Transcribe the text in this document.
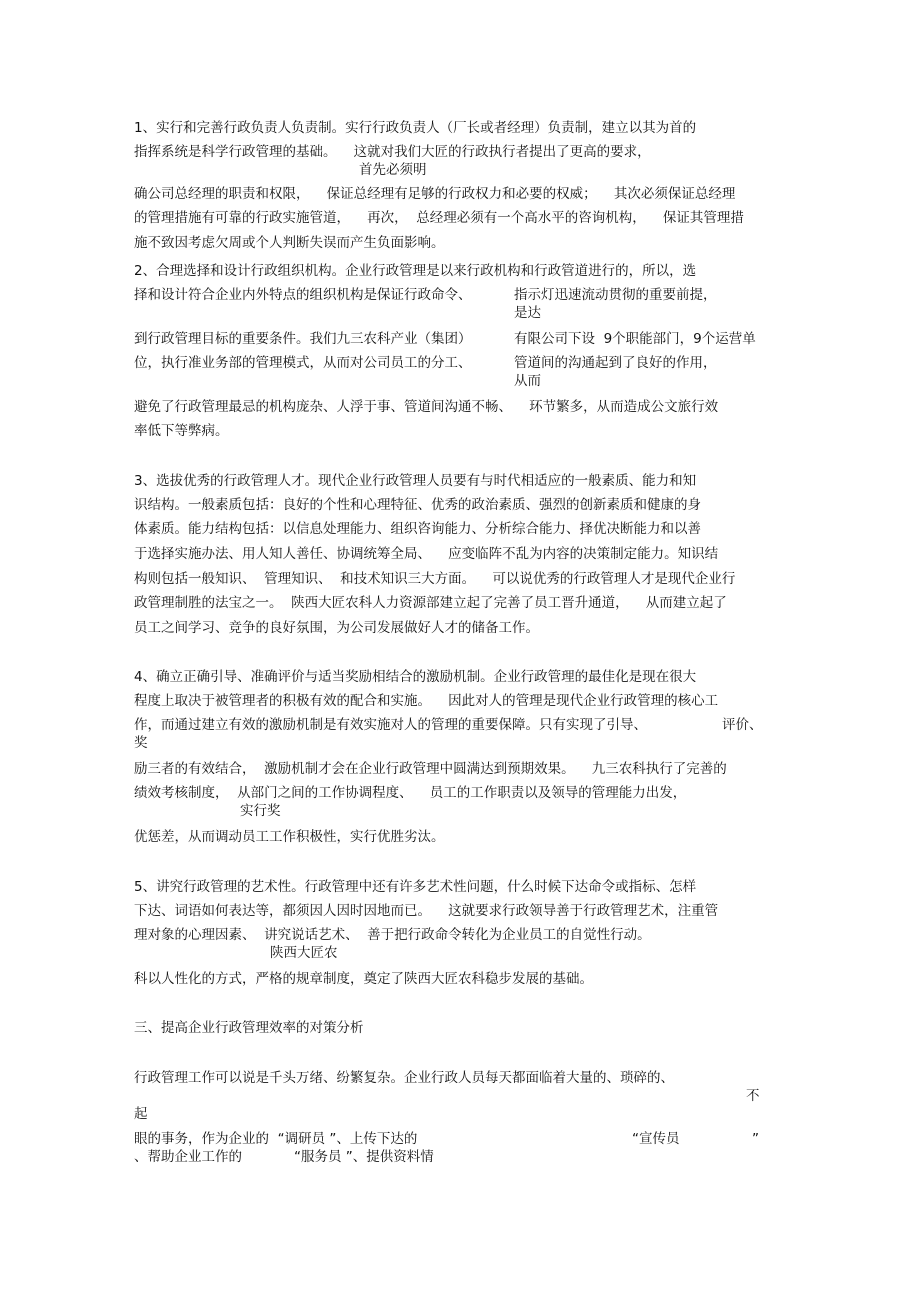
1、实行和完善行政负责人负责制。实行行政负责人（厂长或者经理）负责制，建立以其为首的
指挥系统是科学行政管理的基础。    这就对我们大匠的行政执行者提出了更高的要求，
首先必须明
确公司总经理的职责和权限，    保证总经理有足够的行政权力和必要的权威；    其次必须保证总经理
的管理措施有可靠的行政实施管道，    再次，  总经理必须有一个高水平的咨询机构，    保证其管理措
施不致因考虑欠周或个人判断失误而产生负面影响。
2、合理选择和设计行政组织机构。企业行政管理是以来行政机构和行政管道进行的，所以，选
择和设计符合企业内外特点的组织机构是保证行政命令、	指示灯迅速流动贯彻的重要前提，
是达
到行政管理目标的重要条件。我们九三农科产业（集团）	有限公司下设  9个职能部门，9个运营单
位，执行准业务部的管理模式，从而对公司员工的分工、	管道间的沟通起到了良好的作用，
从而
避免了行政管理最忌的机构庞杂、人浮于事、管道间沟通不畅、    环节繁多，从而造成公文旅行效
率低下等弊病。
3、选拔优秀的行政管理人才。现代企业行政管理人员要有与时代相适应的一般素质、能力和知
识结构。一般素质包括：良好的个性和心理特征、优秀的政治素质、强烈的创新素质和健康的身
体素质。能力结构包括：以信息处理能力、组织咨询能力、分析综合能力、择优决断能力和以善
于选择实施办法、用人知人善任、协调统筹全局、    应变临阵不乱为内容的决策制定能力。知识结
构则包括一般知识、  管理知识、  和技术知识三大方面。    可以说优秀的行政管理人才是现代企业行
政管理制胜的法宝之一。  陕西大匠农科人力资源部建立起了完善了员工晋升通道，    从而建立起了
员工之间学习、竞争的良好氛围，为公司发展做好人才的储备工作。
4、确立正确引导、准确评价与适当奖励相结合的激励机制。企业行政管理的最佳化是现在很大
程度上取决于被管理者的积极有效的配合和实施。    因此对人的管理是现代企业行政管理的核心工
作，而通过建立有效的激励机制是有效实施对人的管理的重要保障。只有实现了引导、	评价、
奖
励三者的有效结合，  激励机制才会在企业行政管理中圆满达到预期效果。    九三农科执行了完善的
绩效考核制度，  从部门之间的工作协调程度、    员工的工作职责以及领导的管理能力出发，
实行奖
优惩差，从而调动员工工作积极性，实行优胜劣汰。
5、讲究行政管理的艺术性。行政管理中还有许多艺术性问题，什么时候下达命令或指标、怎样
下达、词语如何表达等，都须因人因时因地而已。    这就要求行政领导善于行政管理艺术，注重管
理对象的心理因素、  讲究说话艺术、  善于把行政命令转化为企业员工的自觉性行动。
陕西大匠农
科以人性化的方式，严格的规章制度，奠定了陕西大匠农科稳步发展的基础。
三、提高企业行政管理效率的对策分析
行政管理工作可以说是千头万绪、纷繁复杂。企业行政人员每天都面临着大量的、琐碎的、
不
起
眼的事务，作为企业的  “调研员 ”、上传下达的	“宣传员	”
、帮助企业工作的	“服务员 ”、提供资料情
